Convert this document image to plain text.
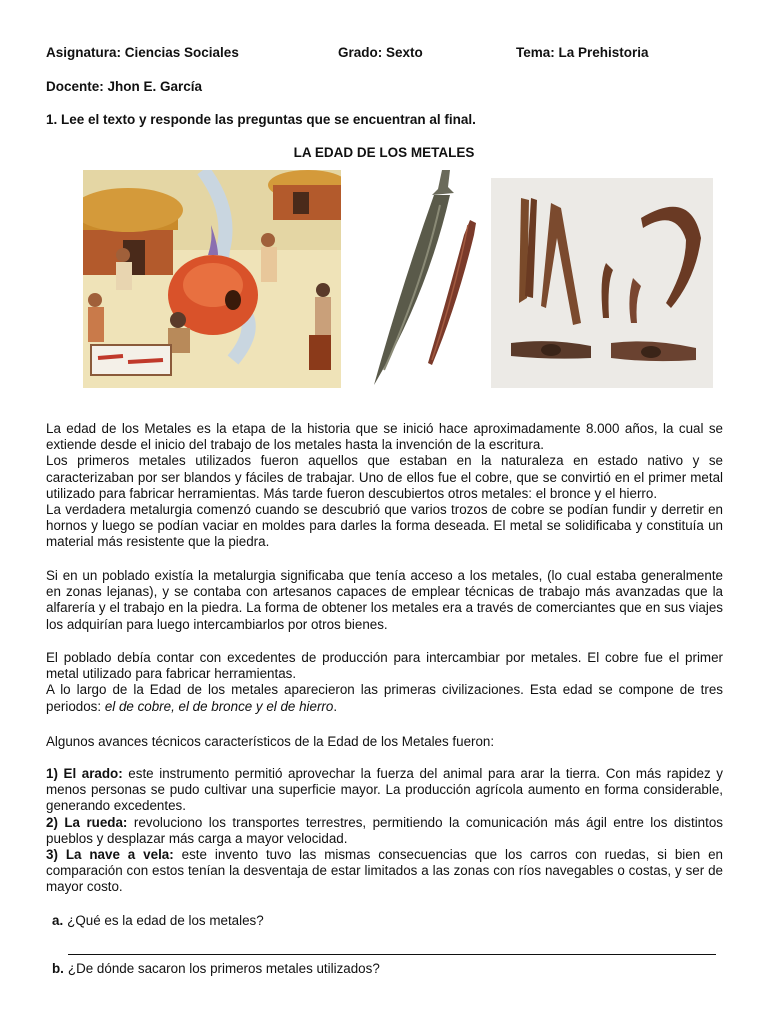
Asignatura: Ciencias Sociales	Grado: Sexto	Tema: La Prehistoria
Docente: Jhon E. García
1. Lee el texto y responde las preguntas que se encuentran al final.
LA EDAD DE LOS METALES

La edad de los Metales es la etapa de la historia que se inició hace aproximadamente 8.000 años, la cual se extiende desde el inicio del trabajo de los metales hasta la invención de la escritura.

Los primeros metales utilizados fueron aquellos que estaban en la naturaleza en estado nativo y se caracterizaban por ser blandos y fáciles de trabajar. Uno de ellos fue el cobre, que se convirtió en el primer metal utilizado para fabricar herramientas. Más tarde fueron descubiertos otros metales: el bronce y el hierro.

La verdadera metalurgia comenzó cuando se descubrió que varios trozos de cobre se podían fundir y derretir en hornos y luego se podían vaciar en moldes para darles la forma deseada. El metal se solidificaba y constituía un material más resistente que la piedra.

Si en un poblado existía la metalurgia significaba que tenía acceso a los metales, (lo cual estaba generalmente en zonas lejanas), y se contaba con artesanos capaces de emplear técnicas de trabajo más avanzadas que la alfarería y el trabajo en la piedra. La forma de obtener los metales era a través de comerciantes que en sus viajes los adquirían para luego intercambiarlos por otros bienes.

El poblado debía contar con excedentes de producción para intercambiar por metales. El cobre fue el primer metal utilizado para fabricar herramientas.

A lo largo de la Edad de los metales aparecieron las primeras civilizaciones. Esta edad se compone de tres periodos: el de cobre, el de bronce y el de hierro.

Algunos avances técnicos característicos de la Edad de los Metales fueron:

1) El arado: este instrumento permitió aprovechar la fuerza del animal para arar la tierra. Con más rapidez y menos personas se pudo cultivar una superficie mayor. La producción agrícola aumento en forma considerable, generando excedentes.

2) La rueda: revoluciono los transportes terrestres, permitiendo la comunicación más ágil entre los distintos pueblos y desplazar más carga a mayor velocidad.

3) La nave a vela: este invento tuvo las mismas consecuencias que los carros con ruedas, si bien en comparación con estos tenían la desventaja de estar limitados a las zonas con ríos navegables o costas, y ser de mayor costo.

a. ¿Qué es la edad de los metales?
b. ¿De dónde sacaron los primeros metales utilizados?
